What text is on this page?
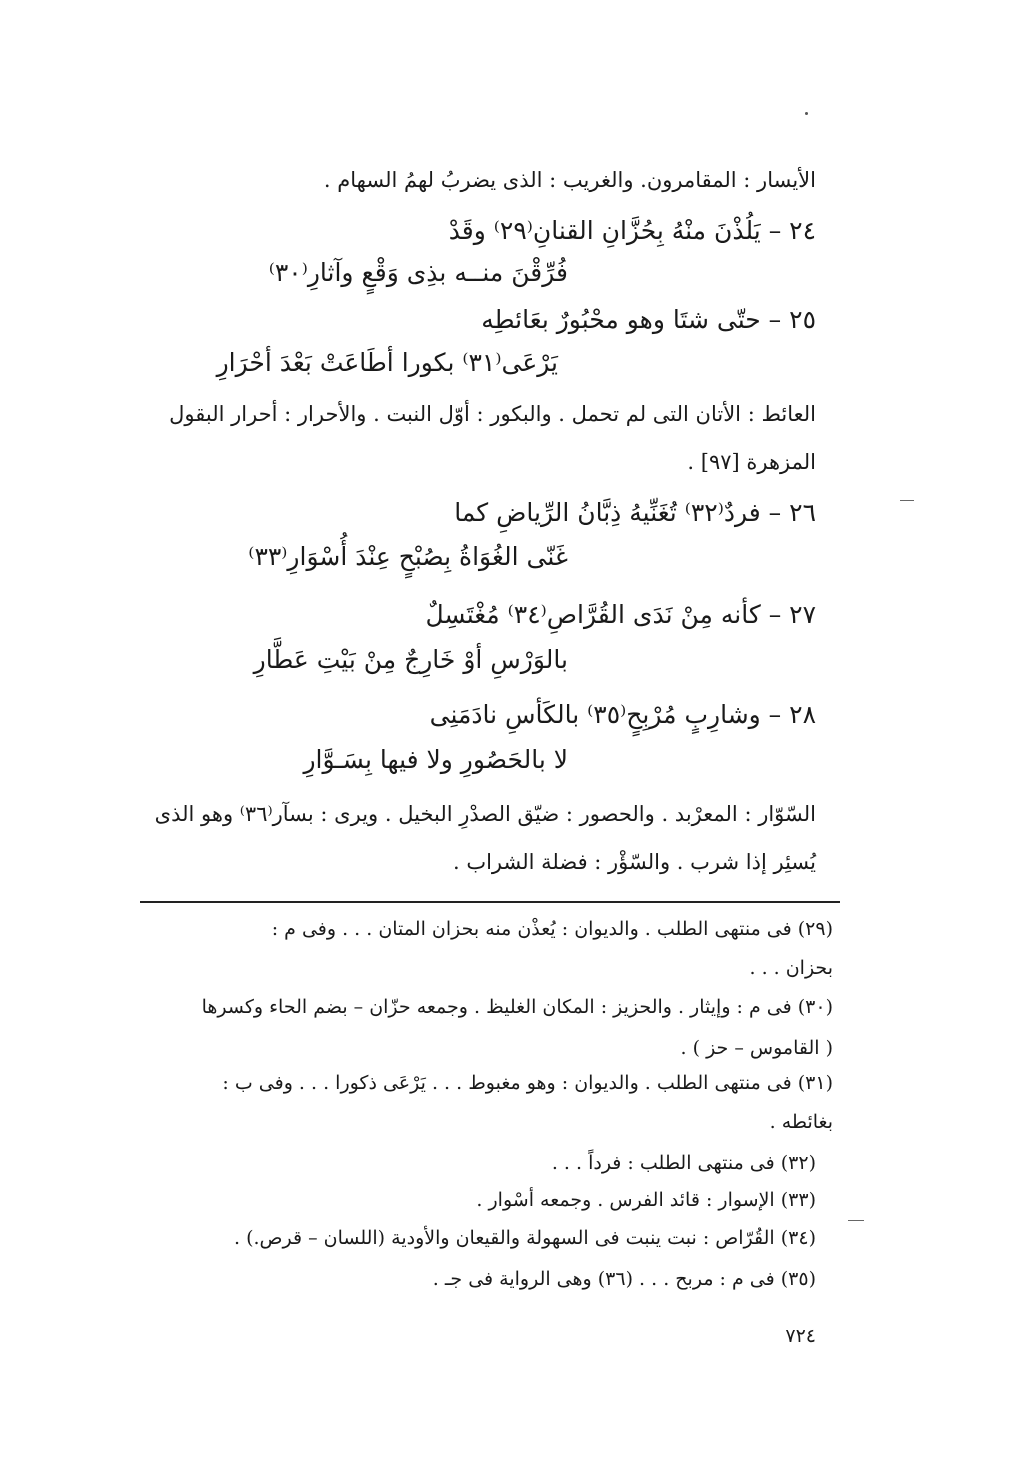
الأيسار : المقامرون. والغريب : الذى يضربُ لهمُ السهام .
٢٤ – يَلُذْنَ منْهُ بِحُزَّانِ القنانِ⁽٢٩⁾ وقَدْ
فُرِّقْنَ منــه بذِى وَقْعٍ وآثارِ⁽٣٠⁾
٢٥ – حتّى شتَا وهو محْبُورٌ بعَائطِه
يَرْعَى⁽٣١⁾ بكورا أطَاعَتْ بَعْدَ أحْرَارِ
العائط : الأتان التى لم تحمل . والبكور : أوّل النبت . والأحرار : أحرار البقول
المزهرة [٩٧] .
٢٦ – فردٌ⁽٣٢⁾ تُغَنِّيهُ ذِبَّانُ الرِّياضِ كما
غَنّى الغُوَاةُ بِصُبْحٍ عِنْدَ أُسْوَارِ⁽٣٣⁾
٢٧ – كأنه مِنْ نَدَى القُرَّاصِ⁽٣٤⁾ مُغْتَسِلٌ
بالوَرْسِ أوْ خَارِجٌ مِنْ بَيْتِ عَطَّارِ
٢٨ – وشارِبٍ مُرْبِحٍ⁽٣٥⁾ بالكَأسِ نادَمَنِى
لا بالحَصُورِ ولا فيها بِسَـوَّارِ
السّوّار : المعرْبد . والحصور : ضيّق الصدْرِ البخيل . ويرى : بسآر⁽٣٦⁾ وهو الذى
يُسئِر إذا شرب . والسّؤْر : فضلة الشراب .
(٢٩) فى منتهى الطلب . والديوان : يُعذْن منه بحزان المتان . . . وفى م :
بحزان . . .
(٣٠) فى م : وإيثار . والحزيز : المكان الغليظ . وجمعه حزّان – بضم الحاء وكسرها
( القاموس – حز ) .
(٣١) فى منتهى الطلب . والديوان : وهو مغبوط . . . يَرْعَى ذكورا . . . وفى ب :
بغائطه .
(٣٢) فى منتهى الطلب : فرداً . . .
(٣٣) الإسوار : قائد الفرس . وجمعه أسْوار .
(٣٤) القُرّاص : نبت ينبت فى السهولة والقيعان والأودية (اللسان – قرص.) .
(٣٥) فى م : مربح . . . (٣٦) وهى الرواية فى جـ .
٧٢٤
